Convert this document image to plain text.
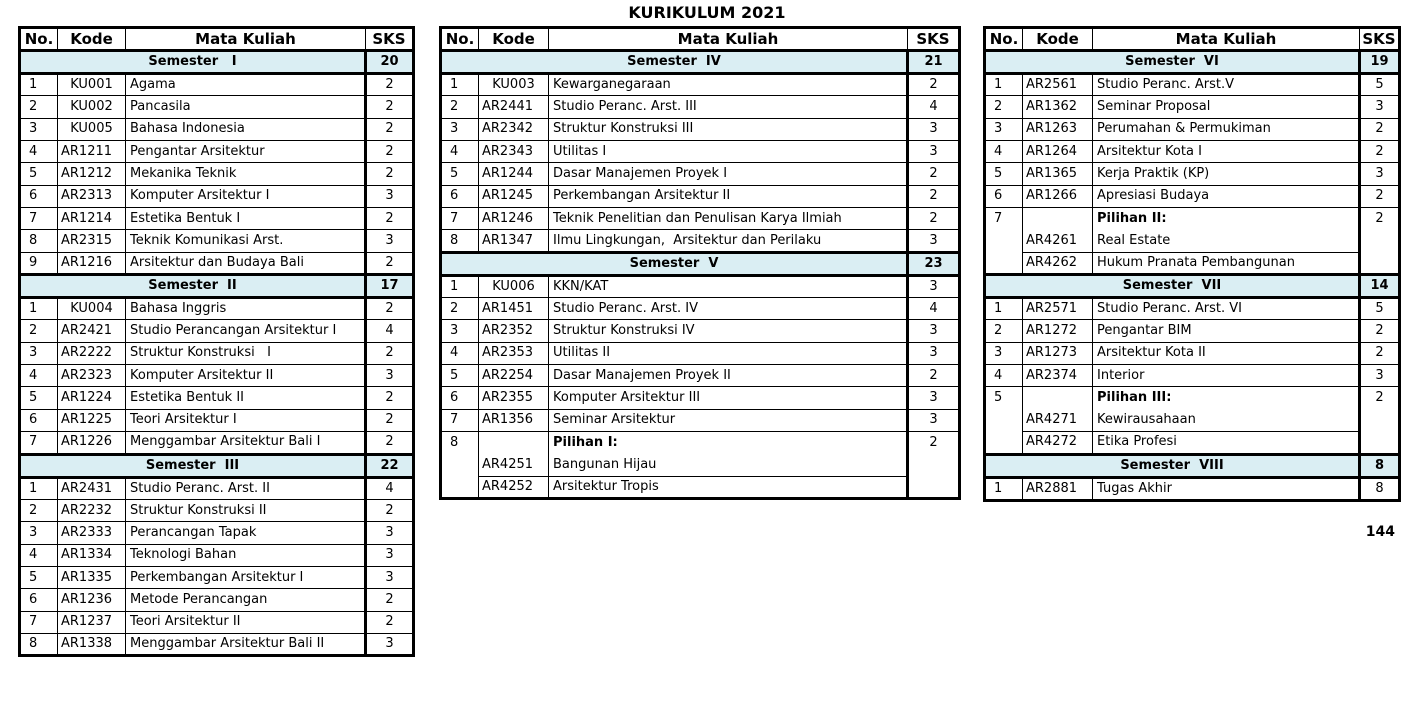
KURIKULUM 2021
No.	Kode	Mata Kuliah	SKS
Semester   I			20
1	KU001	Agama	2
2	KU002	Pancasila	2
3	KU005	Bahasa Indonesia	2
4	AR1211	Pengantar Arsitektur	2
5	AR1212	Mekanika Teknik	2
6	AR2313	Komputer Arsitektur I	3
7	AR1214	Estetika Bentuk I	2
8	AR2315	Teknik Komunikasi Arst.	3
9	AR1216	Arsitektur dan Budaya Bali	2
Semester  II			17
1	KU004	Bahasa Inggris	2
2	AR2421	Studio Perancangan Arsitektur I	4
3	AR2222	Struktur Konstruksi   I	2
4	AR2323	Komputer Arsitektur II	3
5	AR1224	Estetika Bentuk II	2
6	AR1225	Teori Arsitektur I	2
7	AR1226	Menggambar Arsitektur Bali I	2
Semester  III			22
1	AR2431	Studio Peranc. Arst. II	4
2	AR2232	Struktur Konstruksi II	2
3	AR2333	Perancangan Tapak	3
4	AR1334	Teknologi Bahan	3
5	AR1335	Perkembangan Arsitektur I	3
6	AR1236	Metode Perancangan	2
7	AR1237	Teori Arsitektur II	2
8	AR1338	Menggambar Arsitektur Bali II	3
No.	Kode	Mata Kuliah	SKS
Semester  IV			21
1	KU003	Kewarganegaraan	2
2	AR2441	Studio Peranc. Arst. III	4
3	AR2342	Struktur Konstruksi III	3
4	AR2343	Utilitas I	3
5	AR1244	Dasar Manajemen Proyek I	2
6	AR1245	Perkembangan Arsitektur II	2
7	AR1246	Teknik Penelitian dan Penulisan Karya Ilmiah	2
8	AR1347	Ilmu Lingkungan,  Arsitektur dan Perilaku	3
Semester  V			23
1	KU006	KKN/KAT	3
2	AR1451	Studio Peranc. Arst. IV	4
3	AR2352	Struktur Konstruksi IV	3
4	AR2353	Utilitas II	3
5	AR2254	Dasar Manajemen Proyek II	2
6	AR2355	Komputer Arsitektur III	3
7	AR1356	Seminar Arsitektur	3
8		Pilihan I:	2
	AR4251	Bangunan Hijau	
	AR4252	Arsitektur Tropis	
No.	Kode	Mata Kuliah	SKS
Semester  VI			19
1	AR2561	Studio Peranc. Arst.V	5
2	AR1362	Seminar Proposal	3
3	AR1263	Perumahan & Permukiman	2
4	AR1264	Arsitektur Kota I	2
5	AR1365	Kerja Praktik (KP)	3
6	AR1266	Apresiasi Budaya	2
7		Pilihan II:	2
	AR4261	Real Estate	
	AR4262	Hukum Pranata Pembangunan	
Semester  VII			14
1	AR2571	Studio Peranc. Arst. VI	5
2	AR1272	Pengantar BIM	2
3	AR1273	Arsitektur Kota II	2
4	AR2374	Interior	3
5		Pilihan III:	2
	AR4271	Kewirausahaan	
	AR4272	Etika Profesi	
Semester  VIII			8
1	AR2881	Tugas Akhir	8
144
